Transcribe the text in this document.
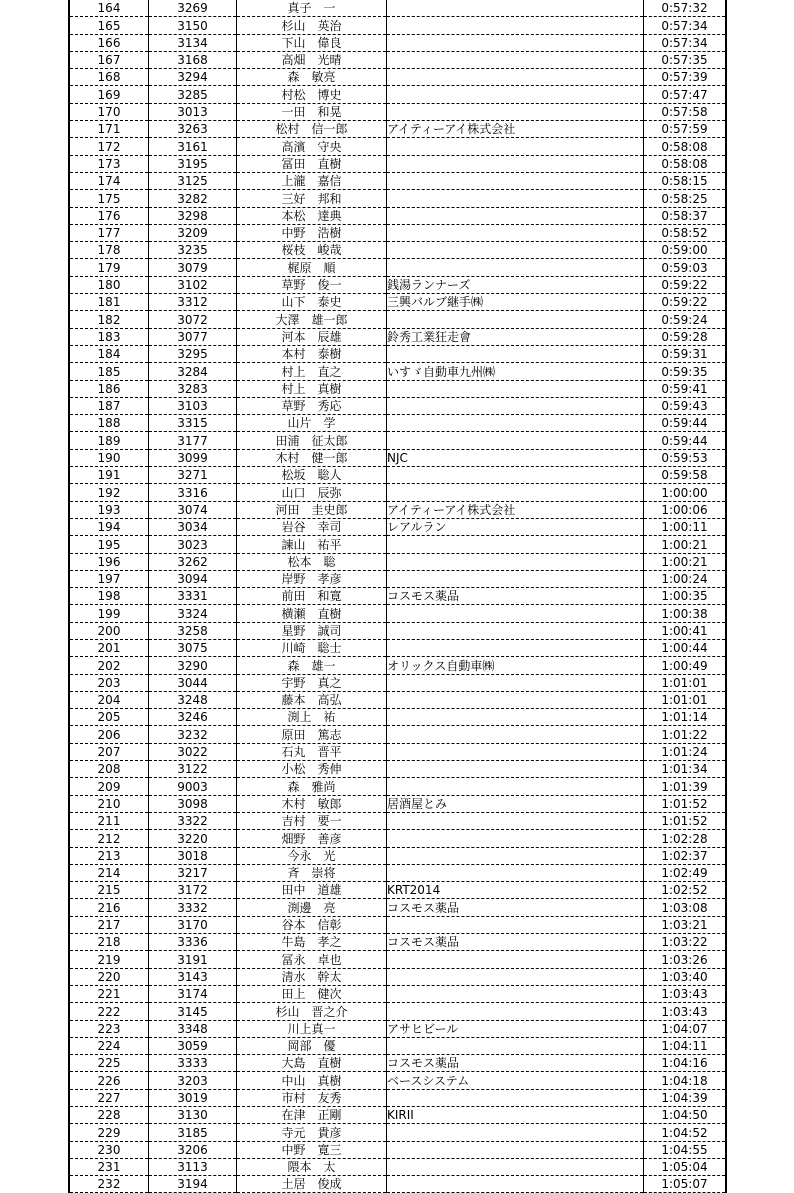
164	3269	真子　一		0:57:32
165	3150	杉山　英治		0:57:34
166	3134	下山　偉良		0:57:34
167	3168	高畑　光晴		0:57:35
168	3294	森　敏亮		0:57:39
169	3285	村松　博史		0:57:47
170	3013	一田　和晃		0:57:58
171	3263	松村　信一郎	アイティーアイ株式会社	0:57:59
172	3161	高濱　守央		0:58:08
173	3195	冨田　直樹		0:58:08
174	3125	上瀧　嘉信		0:58:15
175	3282	三好　邦和		0:58:25
176	3298	本松　達典		0:58:37
177	3209	中野　浩樹		0:58:52
178	3235	桜枝　峻哉		0:59:00
179	3079	梶原　順		0:59:03
180	3102	草野　俊一	銭湯ランナーズ	0:59:22
181	3312	山下　泰史	三興バルブ継手㈱	0:59:22
182	3072	大澤　雄一郎		0:59:24
183	3077	河本　辰雄	鈴秀工業狂走會	0:59:28
184	3295	本村　泰樹		0:59:31
185	3284	村上　直之	いすゞ自動車九州㈱	0:59:35
186	3283	村上　真樹		0:59:41
187	3103	草野　秀応		0:59:43
188	3315	山片　学		0:59:44
189	3177	田浦　征太郎		0:59:44
190	3099	木村　健一郎	NJC	0:59:53
191	3271	松坂　聡人		0:59:58
192	3316	山口　辰弥		1:00:00
193	3074	河田　圭史郎	アイティーアイ株式会社	1:00:06
194	3034	岩谷　幸司	レアルラン	1:00:11
195	3023	諫山　祐平		1:00:21
196	3262	松本　聡		1:00:21
197	3094	岸野　孝彦		1:00:24
198	3331	前田　和寛	コスモス薬品	1:00:35
199	3324	横瀬　直樹		1:00:38
200	3258	星野　誠司		1:00:41
201	3075	川崎　聡士		1:00:44
202	3290	森　雄一	オリックス自動車㈱	1:00:49
203	3044	宇野　真之		1:01:01
204	3248	藤本　高弘		1:01:01
205	3246	渕上　祐		1:01:14
206	3232	原田　篤志		1:01:22
207	3022	石丸　晋平		1:01:24
208	3122	小松　秀伸		1:01:34
209	9003	森　雅尚		1:01:39
210	3098	木村　敏郎	居酒屋とみ	1:01:52
211	3322	吉村　要一		1:01:52
212	3220	畑野　善彦		1:02:28
213	3018	今永　光		1:02:37
214	3217	斉　崇将		1:02:49
215	3172	田中　道雄	KRT2014	1:02:52
216	3332	渕邊　亮	コスモス薬品	1:03:08
217	3170	谷本　信彰		1:03:21
218	3336	牛島　孝之	コスモス薬品	1:03:22
219	3191	冨永　卓也		1:03:26
220	3143	清水　幹太		1:03:40
221	3174	田上　健次		1:03:43
222	3145	杉山　晋之介		1:03:43
223	3348	川上真一	アサヒビール	1:04:07
224	3059	岡部　優		1:04:11
225	3333	大島　直樹	コスモス薬品	1:04:16
226	3203	中山　真樹	ベースシステム	1:04:18
227	3019	市村　友秀		1:04:39
228	3130	在津　正剛	KIRII	1:04:50
229	3185	寺元　貴彦		1:04:52
230	3206	中野　寛三		1:04:55
231	3113	隈本　太		1:05:04
232	3194	土居　俊成		1:05:07
